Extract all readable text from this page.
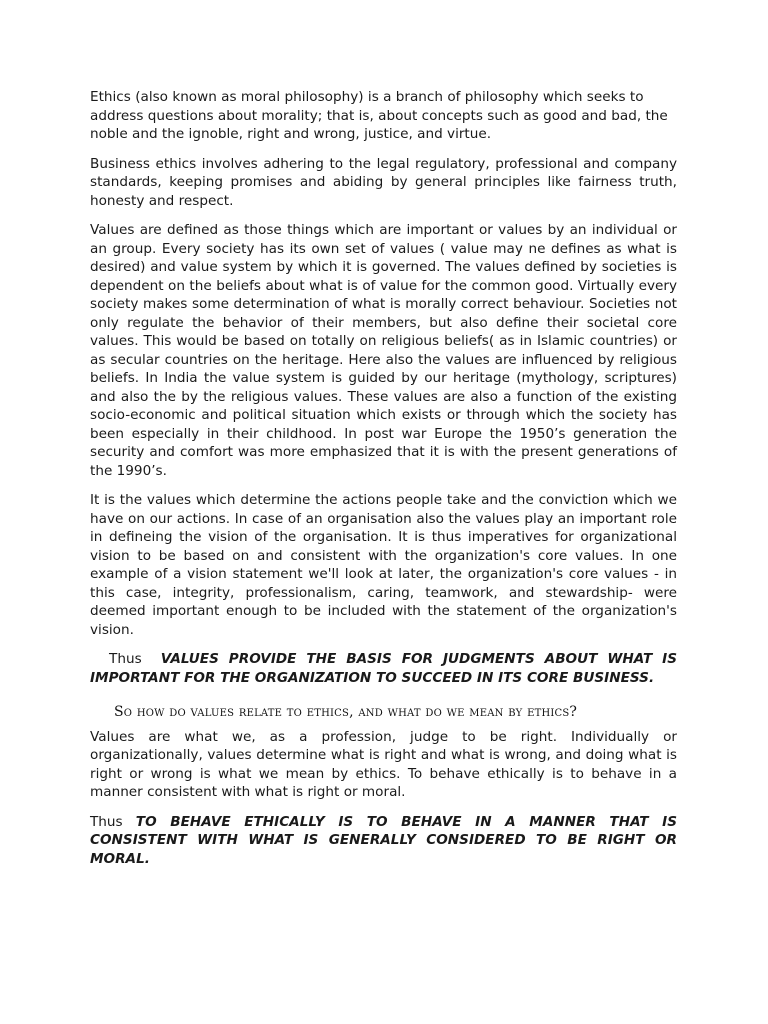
Ethics (also known as moral philosophy) is a branch of philosophy which seeks to address questions about morality; that is, about concepts such as good and bad, the noble and the ignoble, right and wrong, justice, and virtue.

Business ethics involves adhering to the legal regulatory, professional and company standards, keeping promises and abiding by general principles like fairness truth, honesty and respect.

Values are defined as those things which are important or values by an individual or an group. Every society has its own set of values ( value may ne defines as what is desired) and value system by which it is governed. The values defined by societies is dependent on the beliefs about what is of value for the common good. Virtually every society makes some determination of what is morally correct behaviour. Societies not only regulate the behavior of their members, but also define their societal core values. This would be based on totally on religious beliefs( as in Islamic countries) or as secular countries on the heritage. Here also the values are influenced by religious beliefs. In India the value system is guided by our heritage (mythology, scriptures) and also the by the religious values. These values are also a function of the existing socio-economic and political situation which exists or through which the society has been especially in their childhood. In post war Europe the 1950’s generation the security and comfort was more emphasized that it is with the present generations of the 1990’s.

It is the values which determine the actions people take and the conviction which we have on our actions. In case of an organisation also the values play an important role in defineing the vision of the organisation. It is thus imperatives for organizational vision to be based on and consistent with the organization's core values. In one example of a vision statement we'll look at later, the organization's core values - in this case, integrity, professionalism, caring, teamwork, and stewardship- were deemed important enough to be included with the statement of the organization's vision.

Thus  VALUES PROVIDE THE BASIS FOR JUDGMENTS ABOUT WHAT IS IMPORTANT FOR THE ORGANIZATION TO SUCCEED IN ITS CORE BUSINESS.

So how do values relate to ethics, and what do we mean by ethics?

Values are what we, as a profession, judge to be right. Individually or organizationally, values determine what is right and what is wrong, and doing what is right or wrong is what we mean by ethics. To behave ethically is to behave in a manner consistent with what is right or moral.

Thus TO BEHAVE ETHICALLY IS TO BEHAVE IN A MANNER THAT IS CONSISTENT WITH WHAT IS GENERALLY CONSIDERED TO BE RIGHT OR MORAL.
